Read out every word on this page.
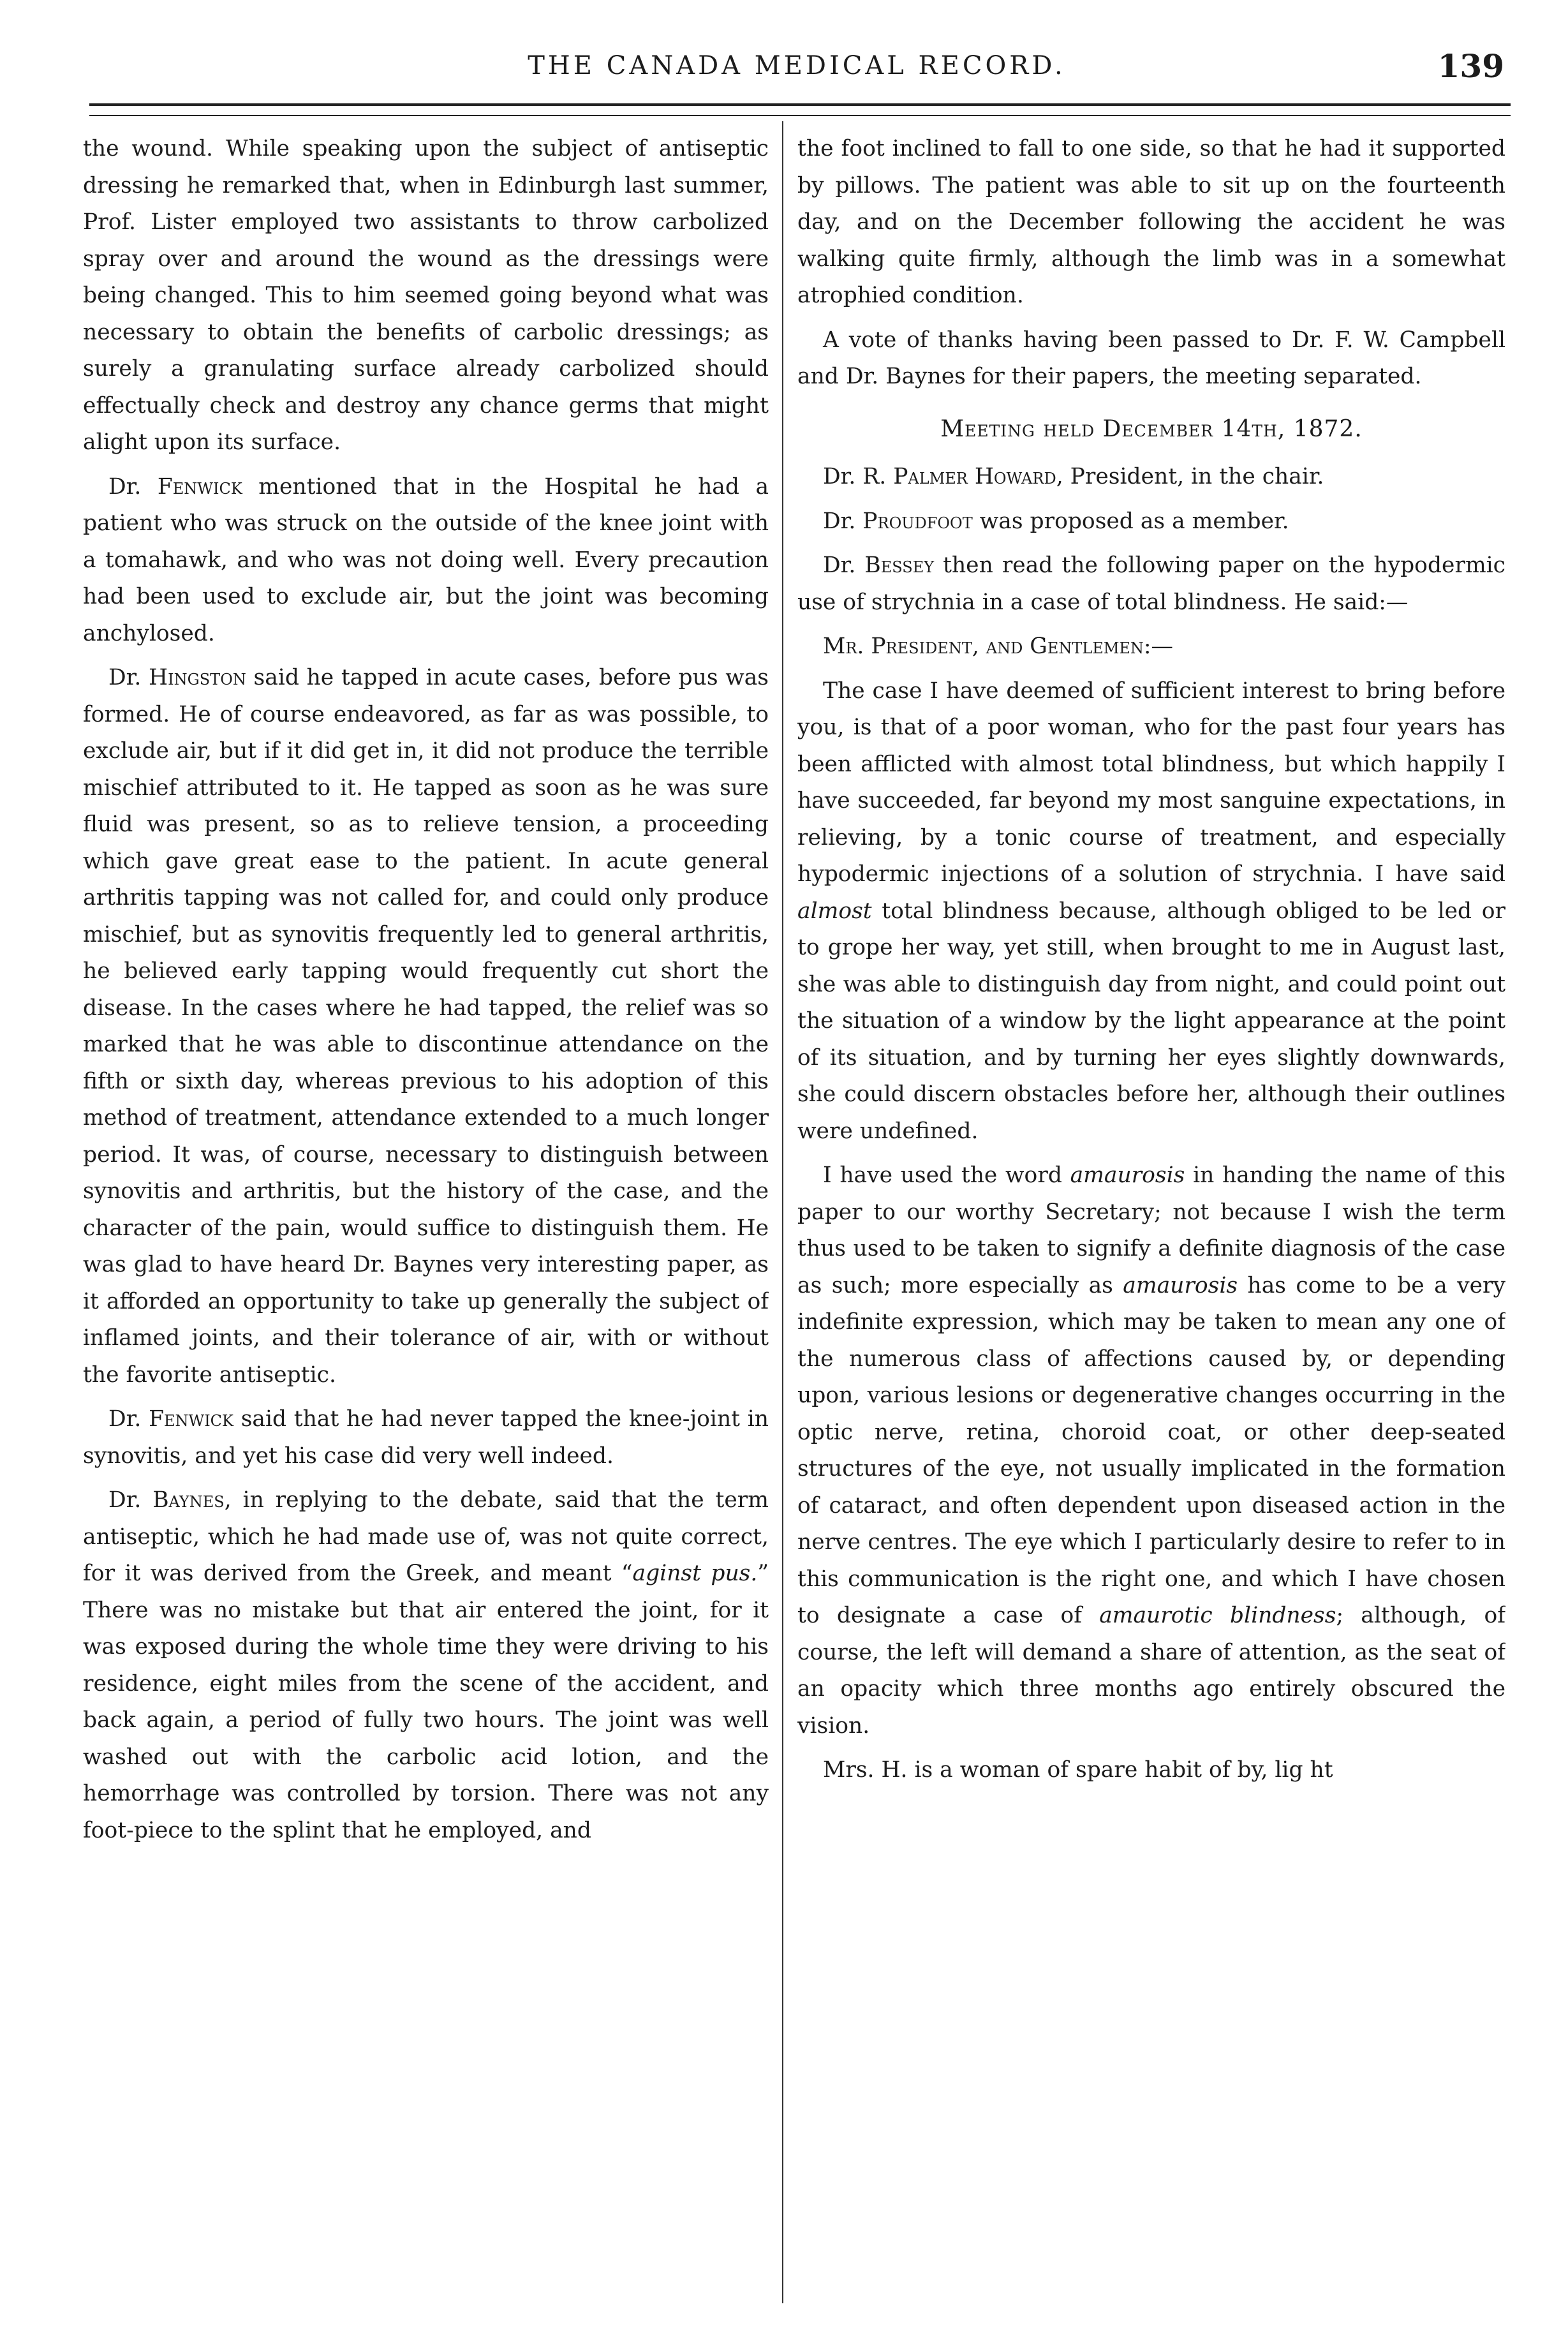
THE CANADA MEDICAL RECORD.	139

the wound. While speaking upon the subject of antiseptic dressing he remarked that, when in Edinburgh last summer, Prof. Lister employed two assistants to throw carbolized spray over and around the wound as the dressings were being changed. This to him seemed going beyond what was necessary to obtain the benefits of carbolic dressings; as surely a granulating surface already carbolized should effectually check and destroy any chance germs that might alight upon its surface.

Dr. Fenwick mentioned that in the Hospital he had a patient who was struck on the outside of the knee joint with a tomahawk, and who was not doing well. Every precaution had been used to exclude air, but the joint was becoming anchylosed.

Dr. Hingston said he tapped in acute cases, before pus was formed. He of course endeavored, as far as was possible, to exclude air, but if it did get in, it did not produce the terrible mischief attributed to it. He tapped as soon as he was sure fluid was present, so as to relieve tension, a proceeding which gave great ease to the patient. In acute general arthritis tapping was not called for, and could only produce mischief, but as synovitis frequently led to general arthritis, he believed early tapping would frequently cut short the disease. In the cases where he had tapped, the relief was so marked that he was able to discontinue attendance on the fifth or sixth day, whereas previous to his adoption of this method of treatment, attendance extended to a much longer period. It was, of course, necessary to distinguish between synovitis and arthritis, but the history of the case, and the character of the pain, would suffice to distinguish them. He was glad to have heard Dr. Baynes very interesting paper, as it afforded an opportunity to take up generally the subject of inflamed joints, and their tolerance of air, with or without the favorite antiseptic.

Dr. Fenwick said that he had never tapped the knee-joint in synovitis, and yet his case did very well indeed.

Dr. Baynes, in replying to the debate, said that the term antiseptic, which he had made use of, was not quite correct, for it was derived from the Greek, and meant “aginst pus.” There was no mistake but that air entered the joint, for it was exposed during the whole time they were driving to his residence, eight miles from the scene of the accident, and back again, a period of fully two hours. The joint was well washed out with the carbolic acid lotion, and the hemorrhage was controlled by torsion. There was not any foot-piece to the splint that he employed, and

the foot inclined to fall to one side, so that he had it supported by pillows. The patient was able to sit up on the fourteenth day, and on the December following the accident he was walking quite firmly, although the limb was in a somewhat atrophied condition.

A vote of thanks having been passed to Dr. F. W. Campbell and Dr. Baynes for their papers, the meeting separated.

Meeting held December 14th, 1872.

Dr. R. Palmer Howard, President, in the chair.

Dr. Proudfoot was proposed as a member.

Dr. Bessey then read the following paper on the hypodermic use of strychnia in a case of total blindness. He said:—

Mr. President, and Gentlemen:—

The case I have deemed of sufficient interest to bring before you, is that of a poor woman, who for the past four years has been afflicted with almost total blindness, but which happily I have succeeded, far beyond my most sanguine expectations, in relieving, by a tonic course of treatment, and especially hypodermic injections of a solution of strychnia. I have said almost total blindness because, although obliged to be led or to grope her way, yet still, when brought to me in August last, she was able to distinguish day from night, and could point out the situation of a window by the light appearance at the point of its situation, and by turning her eyes slightly downwards, she could discern obstacles before her, although their outlines were undefined.

I have used the word amaurosis in handing the name of this paper to our worthy Secretary; not because I wish the term thus used to be taken to signify a definite diagnosis of the case as such; more especially as amaurosis has come to be a very indefinite expression, which may be taken to mean any one of the numerous class of affections caused by, or depending upon, various lesions or degenerative changes occurring in the optic nerve, retina, choroid coat, or other deep-seated structures of the eye, not usually implicated in the formation of cataract, and often dependent upon diseased action in the nerve centres. The eye which I particularly desire to refer to in this communication is the right one, and which I have chosen to designate a case of amaurotic blindness; although, of course, the left will demand a share of attention, as the seat of an opacity which three months ago entirely obscured the vision.

Mrs. H. is a woman of spare habit of by, lig ht
